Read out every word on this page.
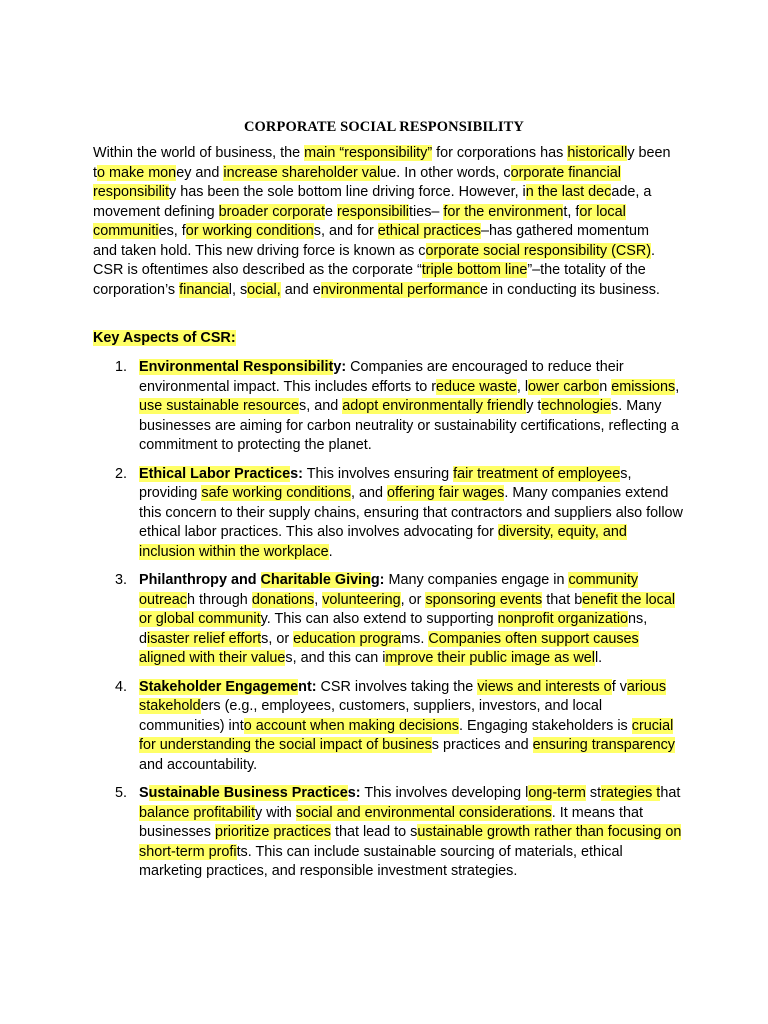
CORPORATE SOCIAL RESPONSIBILITY

Within the world of business, the main “responsibility” for corporations has historically been to make money and increase shareholder value. In other words, corporate financial responsibility has been the sole bottom line driving force. However, in the last decade, a movement defining broader corporate responsibilities– for the environment, for local communities, for working conditions, and for ethical practices–has gathered momentum and taken hold. This new driving force is known as corporate social responsibility (CSR). CSR is oftentimes also described as the corporate “triple bottom line”–the totality of the corporation’s financial, social, and environmental performance in conducting its business.

Key Aspects of CSR:

1. Environmental Responsibility: Companies are encouraged to reduce their environmental impact. This includes efforts to reduce waste, lower carbon emissions, use sustainable resources, and adopt environmentally friendly technologies. Many businesses are aiming for carbon neutrality or sustainability certifications, reflecting a commitment to protecting the planet.
2. Ethical Labor Practices: This involves ensuring fair treatment of employees, providing safe working conditions, and offering fair wages. Many companies extend this concern to their supply chains, ensuring that contractors and suppliers also follow ethical labor practices. This also involves advocating for diversity, equity, and inclusion within the workplace.
3. Philanthropy and Charitable Giving: Many companies engage in community outreach through donations, volunteering, or sponsoring events that benefit the local or global community. This can also extend to supporting nonprofit organizations, disaster relief efforts, or education programs. Companies often support causes aligned with their values, and this can improve their public image as well.
4. Stakeholder Engagement: CSR involves taking the views and interests of various stakeholders (e.g., employees, customers, suppliers, investors, and local communities) into account when making decisions. Engaging stakeholders is crucial for understanding the social impact of business practices and ensuring transparency and accountability.
5. Sustainable Business Practices: This involves developing long-term strategies that balance profitability with social and environmental considerations. It means that businesses prioritize practices that lead to sustainable growth rather than focusing on short-term profits. This can include sustainable sourcing of materials, ethical marketing practices, and responsible investment strategies.
